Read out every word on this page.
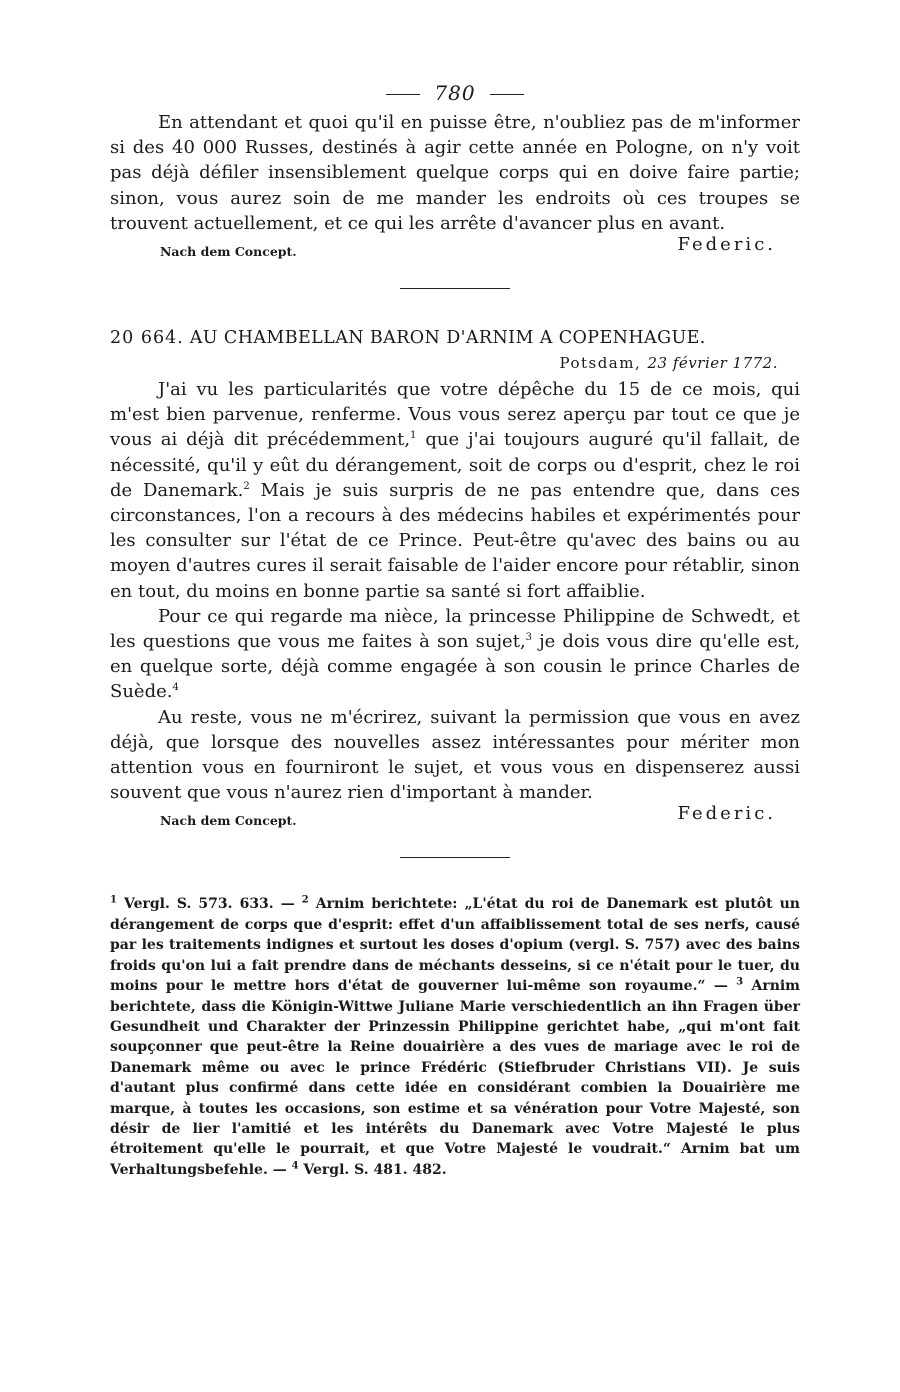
780

En attendant et quoi qu'il en puisse être, n'oubliez pas de m'informer si des 40 000 Russes, destinés à agir cette année en Pologne, on n'y voit pas déjà défiler insensiblement quelque corps qui en doive faire partie; sinon, vous aurez soin de me mander les endroits où ces troupes se trouvent actuellement, et ce qui les arrête d'avancer plus en avant.

Nach dem Concept.	Federic.
20 664. AU CHAMBELLAN BARON D'ARNIM A COPENHAGUE.
Potsdam, 23 février 1772.

J'ai vu les particularités que votre dépêche du 15 de ce mois, qui m'est bien parvenue, renferme. Vous vous serez aperçu par tout ce que je vous ai déjà dit précédemment,$^1$ que j'ai toujours auguré qu'il fallait, de nécessité, qu'il y eût du dérangement, soit de corps ou d'esprit, chez le roi de Danemark.$^2$ Mais je suis surpris de ne pas entendre que, dans ces circonstances, l'on a recours à des médecins habiles et expérimentés pour les consulter sur l'état de ce Prince. Peut-être qu'avec des bains ou au moyen d'autres cures il serait faisable de l'aider encore pour rétablir, sinon en tout, du moins en bonne partie sa santé si fort affaiblie.

Pour ce qui regarde ma nièce, la princesse Philippine de Schwedt, et les questions que vous me faites à son sujet,$^3$ je dois vous dire qu'elle est, en quelque sorte, déjà comme engagée à son cousin le prince Charles de Suède.$^4$

Au reste, vous ne m'écrirez, suivant la permission que vous en avez déjà, que lorsque des nouvelles assez intéressantes pour mériter mon attention vous en fourniront le sujet, et vous vous en dispenserez aussi souvent que vous n'aurez rien d'important à mander.

Nach dem Concept.	Federic.

$^1$ Vergl. S. 573. 633. — $^2$ Arnim berichtete: „L'état du roi de Danemark est plutôt un dérangement de corps que d'esprit: effet d'un affaiblissement total de ses nerfs, causé par les traitements indignes et surtout les doses d'opium (vergl. S. 757) avec des bains froids qu'on lui a fait prendre dans de méchants desseins, si ce n'était pour le tuer, du moins pour le mettre hors d'état de gouverner lui-même son royaume.“ — $^3$ Arnim berichtete, dass die Königin-Wittwe Juliane Marie verschiedentlich an ihn Fragen über Gesundheit und Charakter der Prinzessin Philippine gerichtet habe, „qui m'ont fait soupçonner que peut-être la Reine douairière a des vues de mariage avec le roi de Danemark même ou avec le prince Frédéric (Stiefbruder Christians VII). Je suis d'autant plus confirmé dans cette idée en considérant combien la Douairière me marque, à toutes les occasions, son estime et sa vénération pour Votre Majesté, son désir de lier l'amitié et les intérêts du Danemark avec Votre Majesté le plus étroitement qu'elle le pourrait, et que Votre Majesté le voudrait.“ Arnim bat um Verhaltungsbefehle. — $^4$ Vergl. S. 481. 482.
